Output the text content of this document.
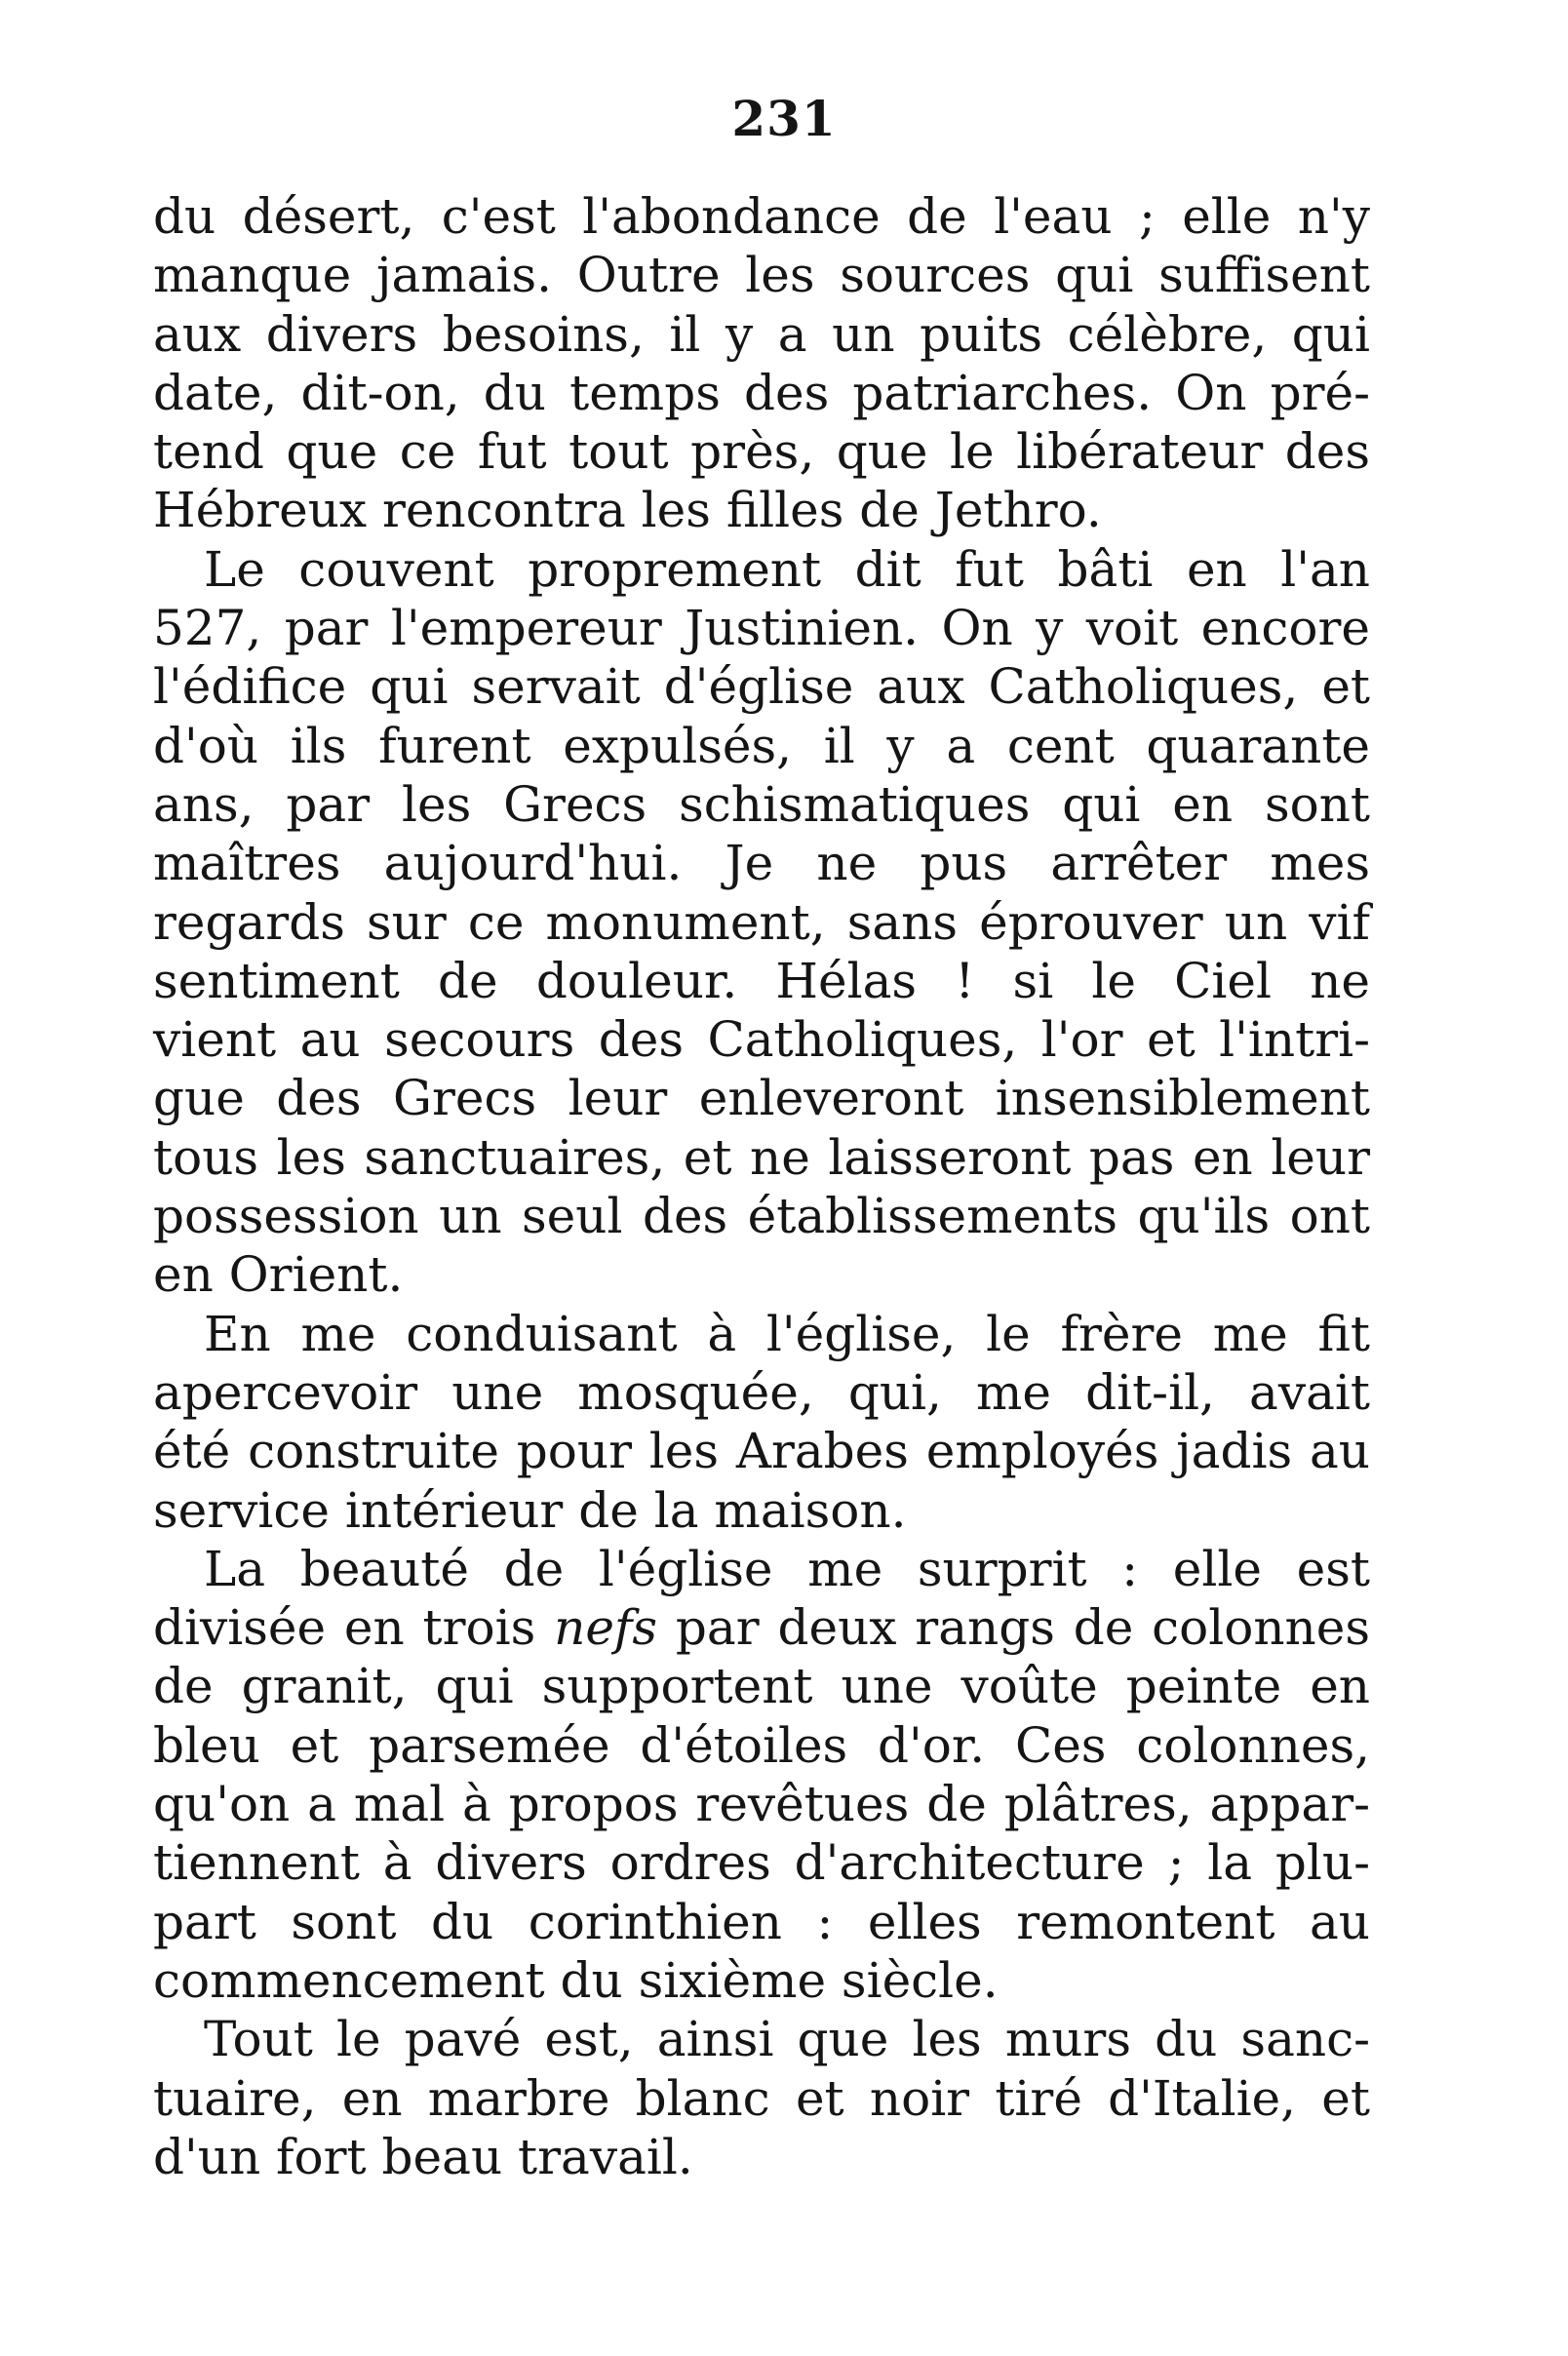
231
du désert, c'est l'abondance de l'eau ; elle n'y
manque jamais. Outre les sources qui suffisent
aux divers besoins, il y a un puits célèbre, qui
date, dit-on, du temps des patriarches. On pré-
tend que ce fut tout près, que le libérateur des
Hébreux rencontra les filles de Jethro.
Le couvent proprement dit fut bâti en l'an
527, par l'empereur Justinien. On y voit encore
l'édifice qui servait d'église aux Catholiques, et
d'où ils furent expulsés, il y a cent quarante
ans, par les Grecs schismatiques qui en sont
maîtres aujourd'hui. Je ne pus arrêter mes
regards sur ce monument, sans éprouver un vif
sentiment de douleur. Hélas ! si le Ciel ne
vient au secours des Catholiques, l'or et l'intri-
gue des Grecs leur enleveront insensiblement
tous les sanctuaires, et ne laisseront pas en leur
possession un seul des établissements qu'ils ont
en Orient.
En me conduisant à l'église, le frère me fit
apercevoir une mosquée, qui, me dit-il, avait
été construite pour les Arabes employés jadis au
service intérieur de la maison.
La beauté de l'église me surprit : elle est
divisée en trois nefs par deux rangs de colonnes
de granit, qui supportent une voûte peinte en
bleu et parsemée d'étoiles d'or. Ces colonnes,
qu'on a mal à propos revêtues de plâtres, appar-
tiennent à divers ordres d'architecture ; la plu-
part sont du corinthien : elles remontent au
commencement du sixième siècle.
Tout le pavé est, ainsi que les murs du sanc-
tuaire, en marbre blanc et noir tiré d'Italie, et
d'un fort beau travail.
